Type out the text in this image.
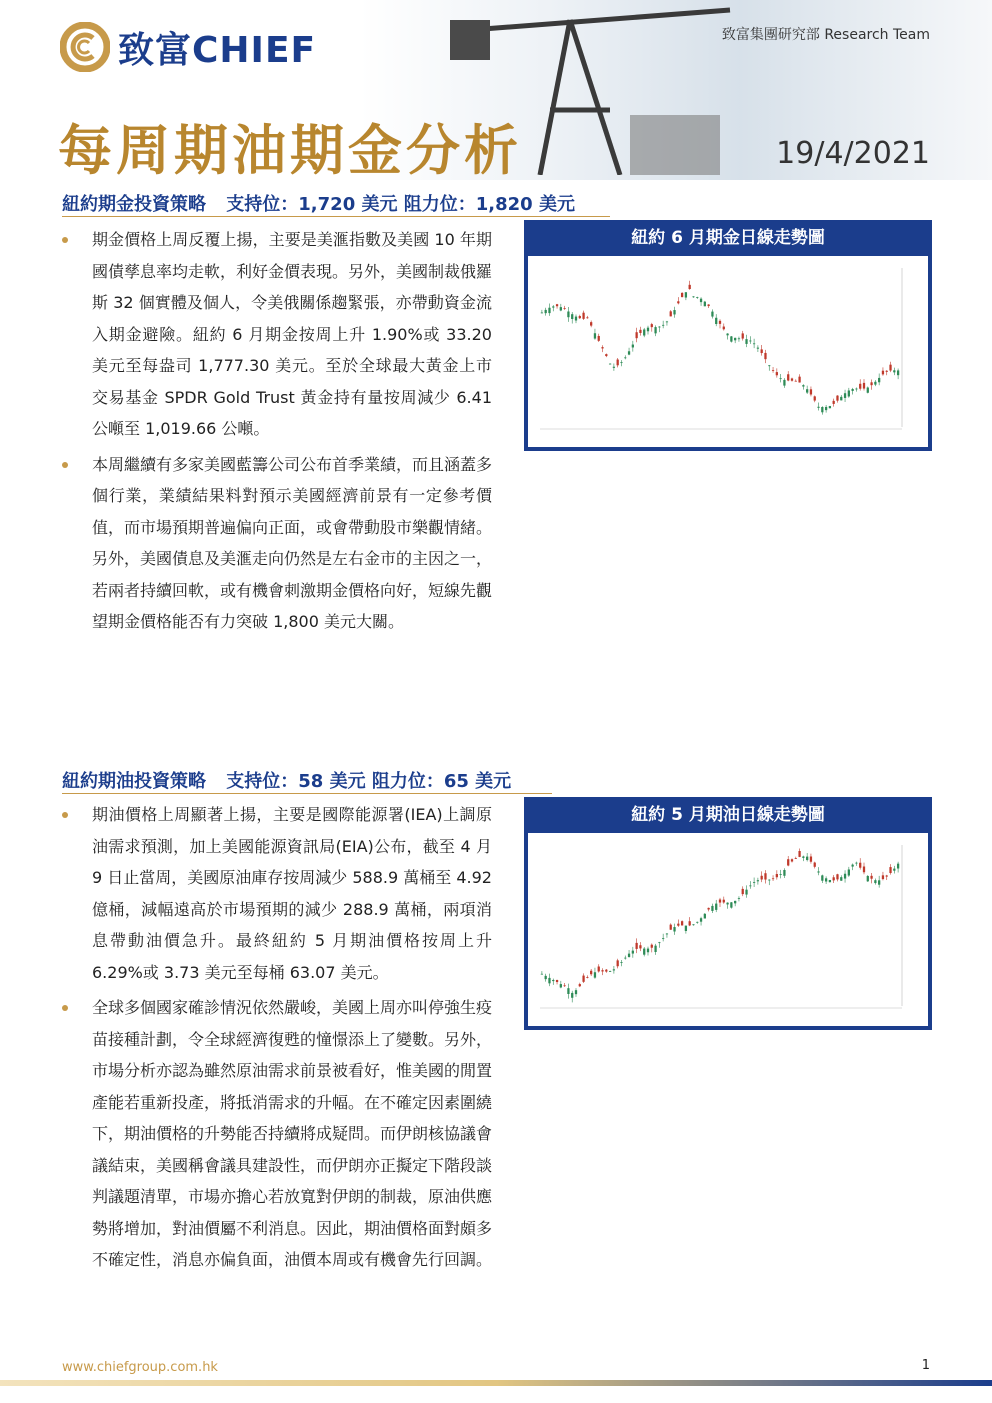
致富CHIEF	致富集團研究部 Research Team
每周期油期金分析	19/4/2021
紐約期金投資策略 支持位：1,720 美元 阻力位：1,820 美元
期金價格上周反覆上揚，主要是美滙指數及美國 10 年期國債孳息率均走軟，利好金價表現。另外，美國制裁俄羅斯 32 個實體及個人，令美俄關係趨緊張，亦帶動資金流入期金避險。紐約 6 月期金按周上升 1.90%或 33.20 美元至每盎司 1,777.30 美元。至於全球最大黃金上市交易基金 SPDR Gold Trust 黃金持有量按周減少 6.41 公噸至 1,019.66 公噸。
本周繼續有多家美國藍籌公司公布首季業績，而且涵蓋多個行業，業績結果料對預示美國經濟前景有一定參考價值，而市場預期普遍偏向正面，或會帶動股市樂觀情緒。另外，美國債息及美滙走向仍然是左右金市的主因之一，若兩者持續回軟，或有機會刺激期金價格向好，短線先觀望期金價格能否有力突破 1,800 美元大關。
紐約 6 月期金日線走勢圖
紐約期油投資策略 支持位：58 美元 阻力位：65 美元
期油價格上周顯著上揚，主要是國際能源署(IEA)上調原油需求預測，加上美國能源資訊局(EIA)公布，截至 4 月 9 日止當周，美國原油庫存按周減少 588.9 萬桶至 4.92 億桶，減幅遠高於市場預期的減少 288.9 萬桶，兩項消息帶動油價急升。最終紐約 5 月期油價格按周上升 6.29%或 3.73 美元至每桶 63.07 美元。
全球多個國家確診情況依然嚴峻，美國上周亦叫停強生疫苗接種計劃，令全球經濟復甦的憧憬添上了變數。另外，市場分析亦認為雖然原油需求前景被看好，惟美國的閒置產能若重新投產，將抵消需求的升幅。在不確定因素圍繞下，期油價格的升勢能否持續將成疑問。而伊朗核協議會議結束，美國稱會議具建設性，而伊朗亦正擬定下階段談判議題清單，市場亦擔心若放寬對伊朗的制裁，原油供應勢將增加，對油價屬不利消息。因此，期油價格面對頗多不確定性，消息亦偏負面，油價本周或有機會先行回調。
紐約 5 月期油日線走勢圖
www.chiefgroup.com.hk	1
